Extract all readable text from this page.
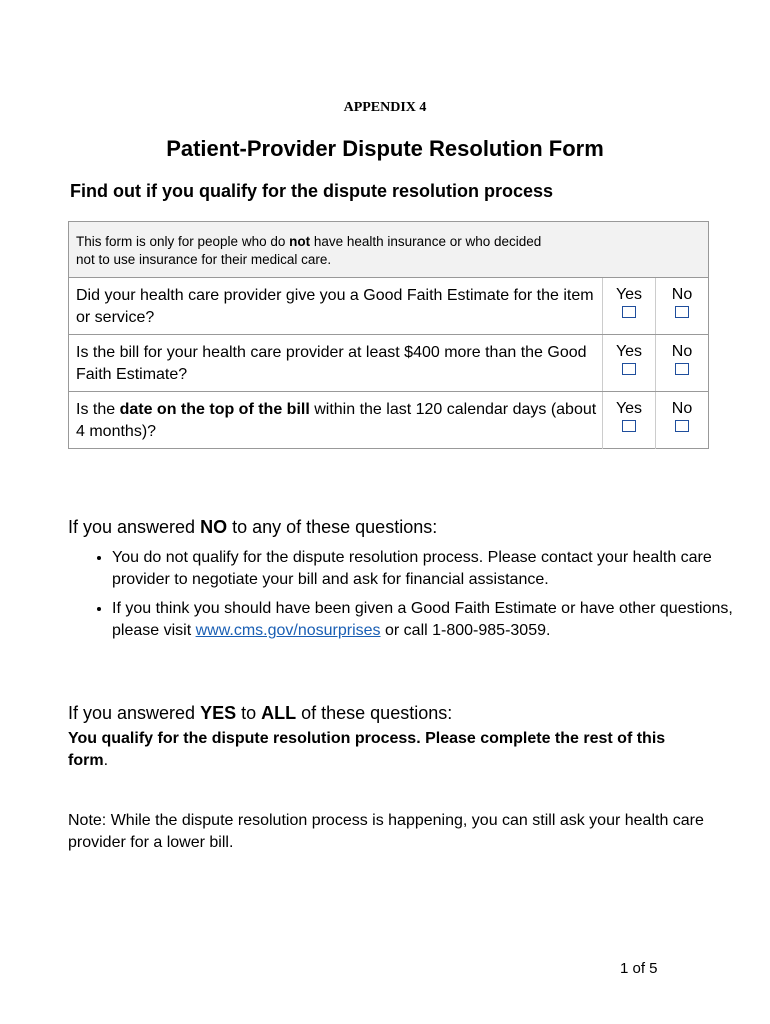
APPENDIX 4
Patient-Provider Dispute Resolution Form
Find out if you qualify for the dispute resolution process
This form is only for people who do not have health insurance or who decided not to use insurance for their medical care.		

Did your health care provider give you a Good Faith Estimate for the item or service?	Yes	No

Is the bill for your health care provider at least $400 more than the Good Faith Estimate?	Yes	No

Is the date on the top of the bill within the last 120 calendar days (about 4 months)?	Yes	No
If you answered NO to any of these questions:
• You do not qualify for the dispute resolution process. Please contact your health care provider to negotiate your bill and ask for financial assistance.
• If you think you should have been given a Good Faith Estimate or have other questions, please visit www.cms.gov/nosurprises or call 1-800-985-3059.
If you answered YES to ALL of these questions:
You qualify for the dispute resolution process. Please complete the rest of this form.
Note: While the dispute resolution process is happening, you can still ask your health care provider for a lower bill.
1 of 5
